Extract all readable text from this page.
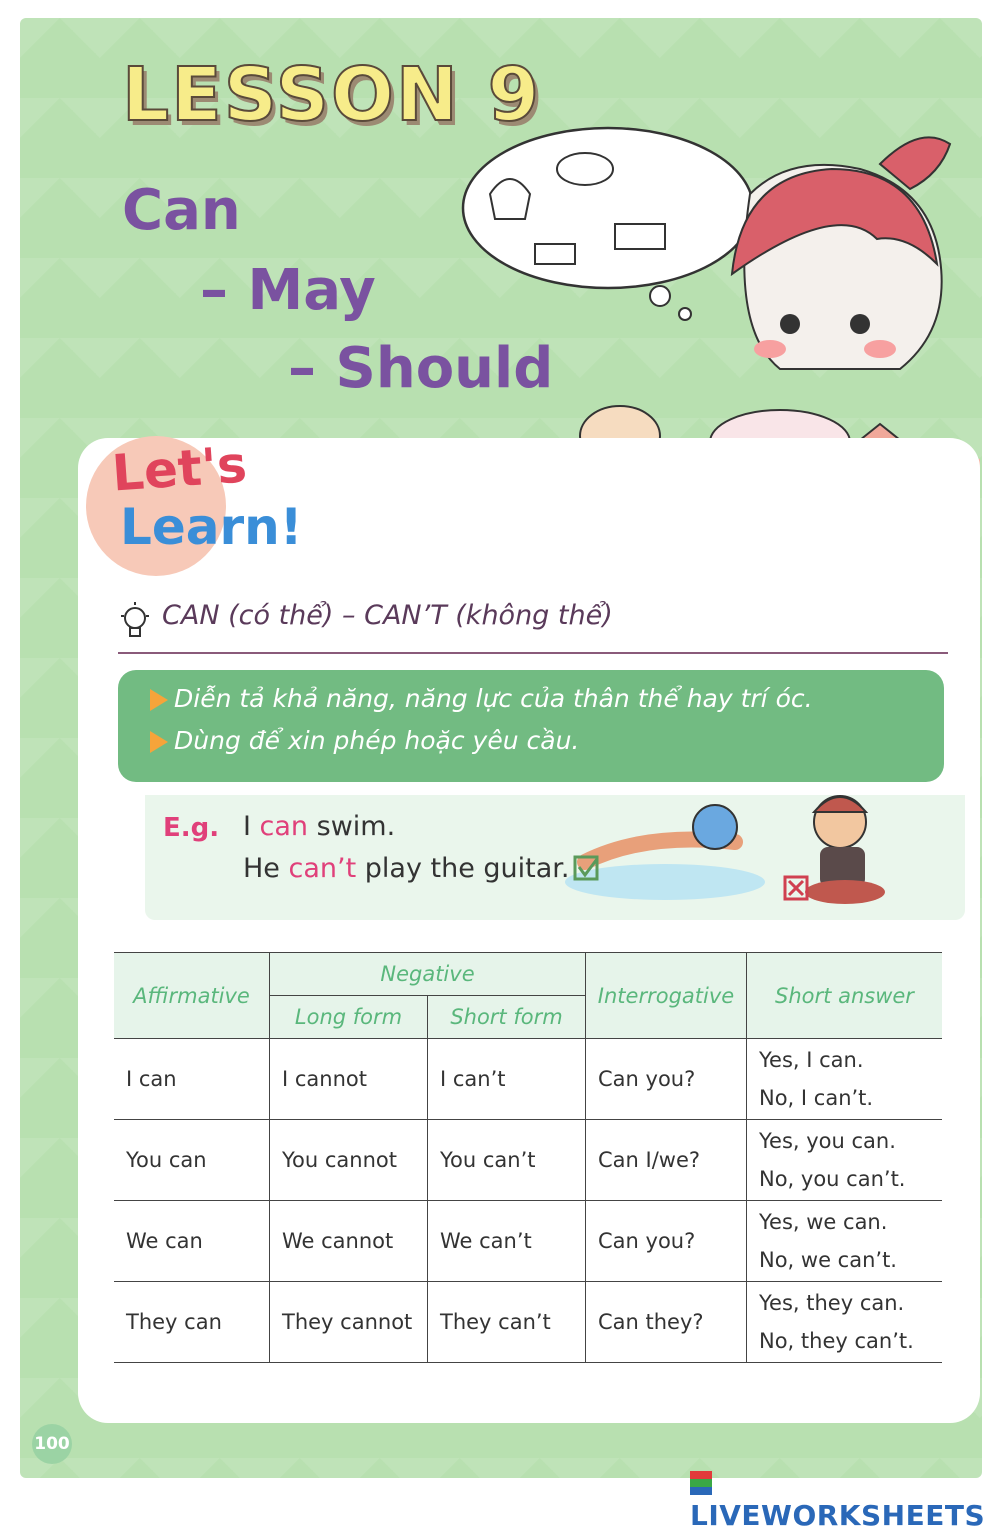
LESSON 9

Can

– May

– Should

Let's
Learn!
CAN (có thể) – CAN’T (không thể)
Diễn tả khả năng, năng lực của thân thể hay trí óc.
Dùng để xin phép hoặc yêu cầu.
E.g. I can swim.
He can’t play the guitar.
Affirmative	Negative		Interrogative	Short answer
	Long form	Short form		
I can	I cannot	I can’t	Can you?	Yes, I can.
No, I can’t.

You can	You cannot	You can’t	Can I/we?	Yes, you can.
No, you can’t.

We can	We cannot	We can’t	Can you?	Yes, we can.
No, we can’t.

They can	They cannot	They can’t	Can they?	Yes, they can.
No, they can’t.
100
LIVEWORKSHEETS
